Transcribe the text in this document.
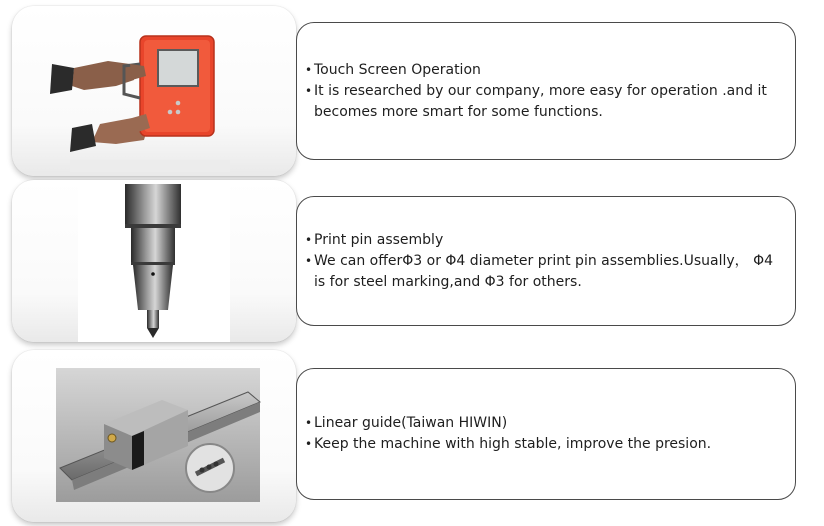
• Touch Screen Operation
• It is researched by our company, more easy for operation .and it becomes more smart for some functions.
• Print pin assembly
• We can offerΦ3 or Φ4 diameter print pin assemblies.Usually， Φ4 is for steel marking,and Φ3 for others.
• Linear guide(Taiwan HIWIN)
• Keep the machine with high stable, improve the presion.
